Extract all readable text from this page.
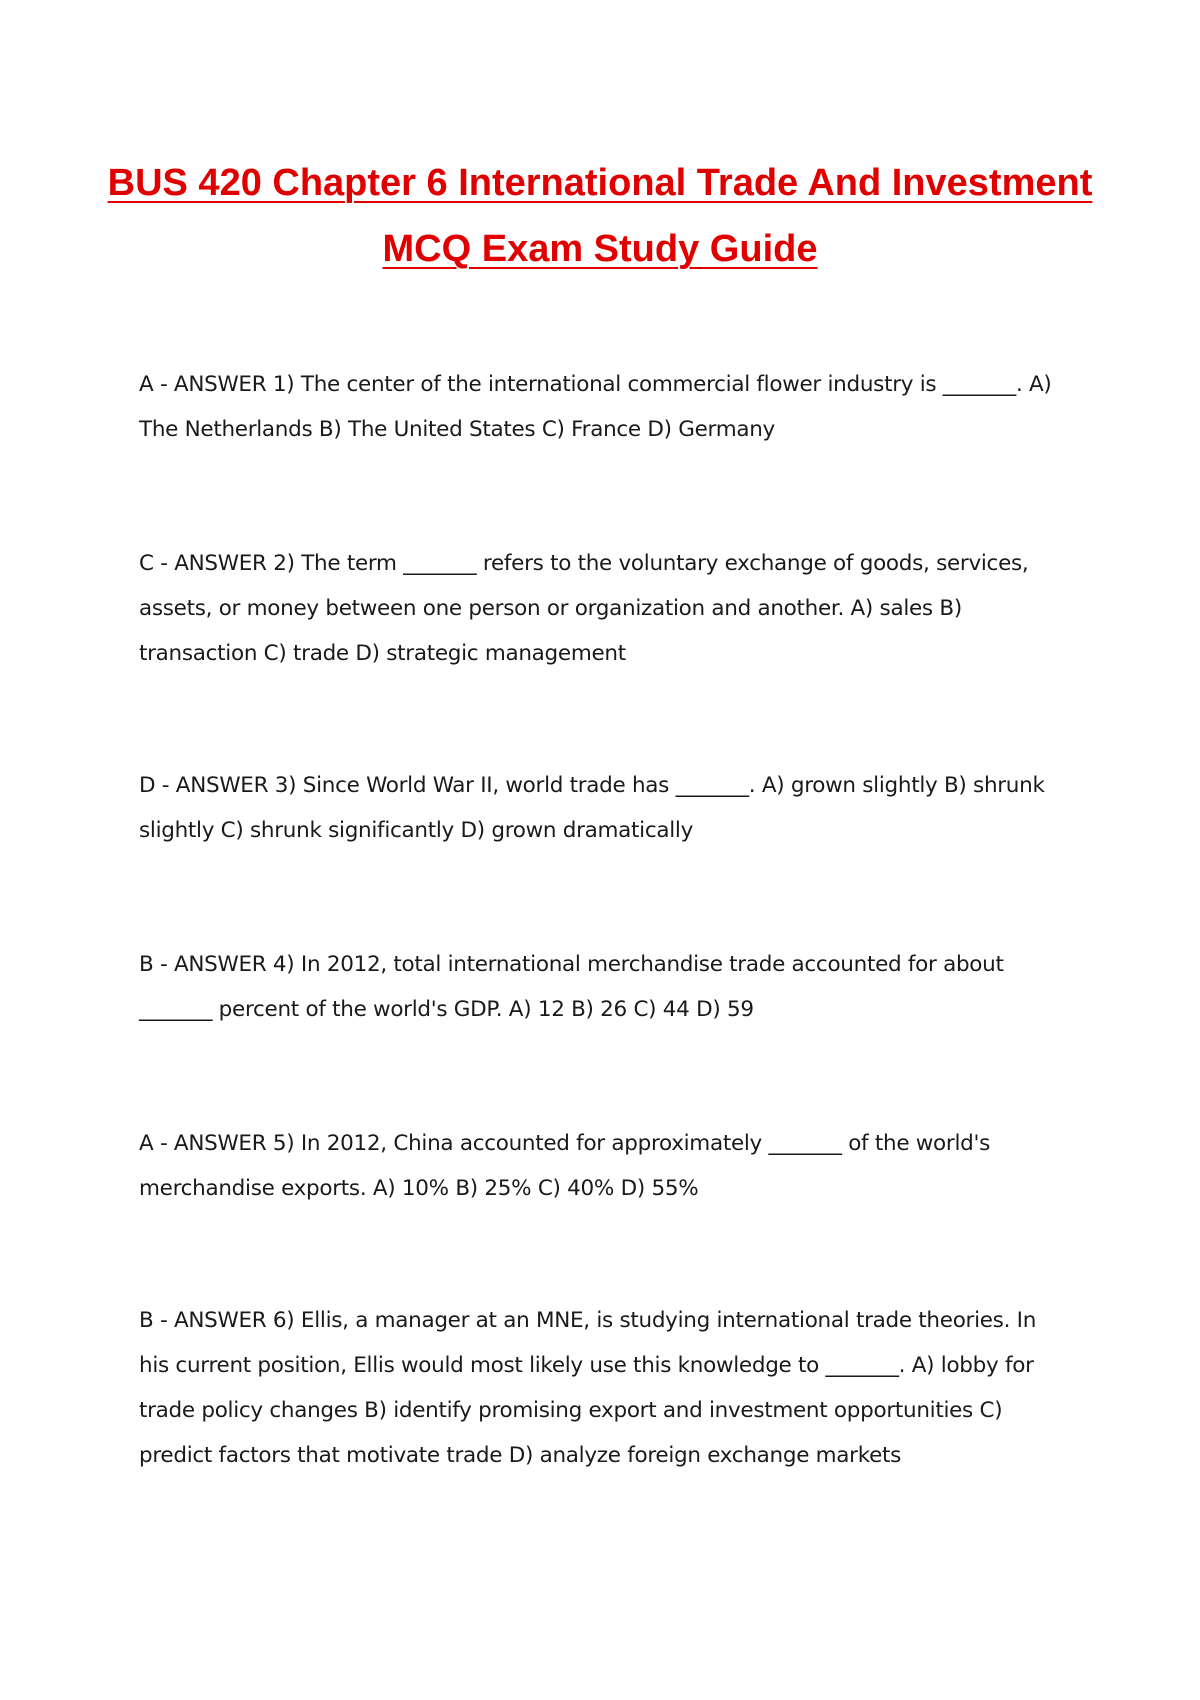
BUS 420 Chapter 6 International Trade And Investment MCQ Exam Study Guide

A - ANSWER 1) The center of the international commercial flower industry is _______. A) The Netherlands B) The United States C) France D) Germany

C - ANSWER 2) The term _______ refers to the voluntary exchange of goods, services, assets, or money between one person or organization and another. A) sales B) transaction C) trade D) strategic management

D - ANSWER 3) Since World War II, world trade has _______. A) grown slightly B) shrunk slightly C) shrunk significantly D) grown dramatically

B - ANSWER 4) In 2012, total international merchandise trade accounted for about _______ percent of the world's GDP. A) 12 B) 26 C) 44 D) 59

A - ANSWER 5) In 2012, China accounted for approximately _______ of the world's merchandise exports. A) 10% B) 25% C) 40% D) 55%

B - ANSWER 6) Ellis, a manager at an MNE, is studying international trade theories. In his current position, Ellis would most likely use this knowledge to _______. A) lobby for trade policy changes B) identify promising export and investment opportunities C) predict factors that motivate trade D) analyze foreign exchange markets
